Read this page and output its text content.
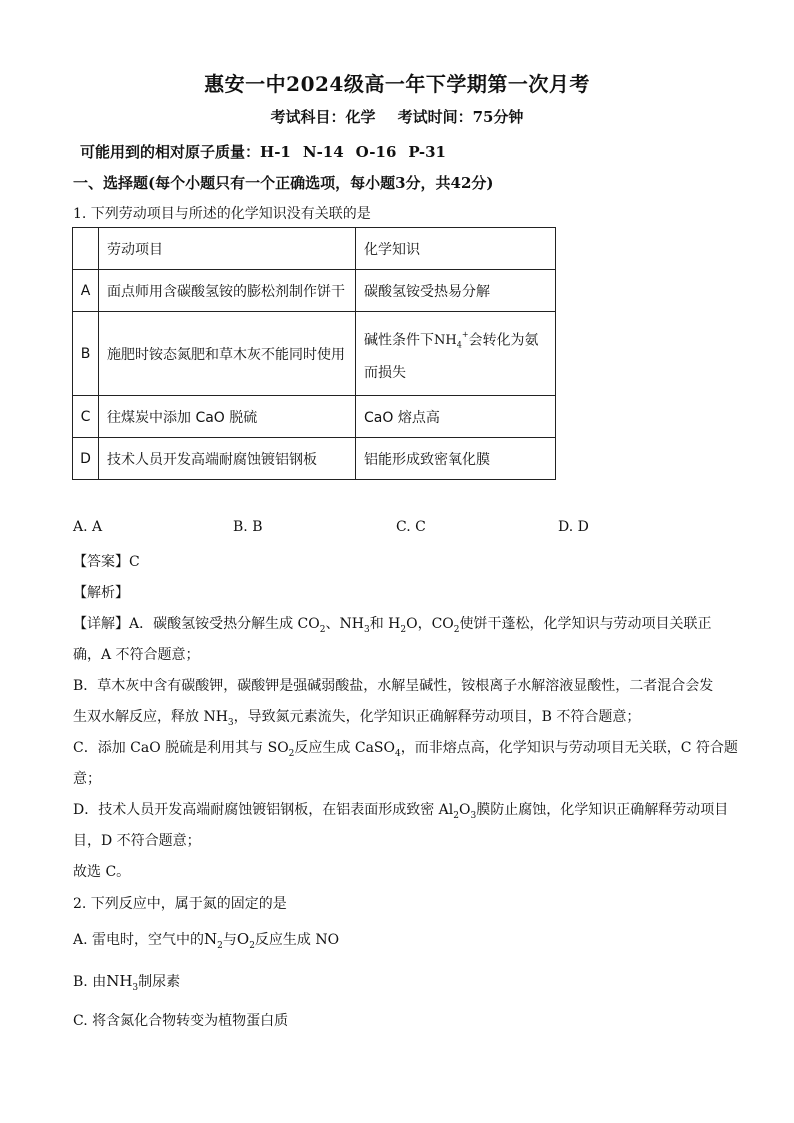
惠安一中2024级高一年下学期第一次月考
考试科目：化学 考试时间：75分钟
可能用到的相对原子质量：H-1 N-14 O-16 P-31
一、选择题(每个小题只有一个正确选项，每小题3分，共42分)
1. 下列劳动项目与所述的化学知识没有关联的是
	劳动项目	化学知识
A	面点师用含碳酸氢铵的膨松剂制作饼干	碳酸氢铵受热易分解
B	施肥时铵态氮肥和草木灰不能同时使用	碱性条件下$NH_4^+$会转化为氨
而损失

C	往煤炭中添加 CaO 脱硫	CaO 熔点高
D	技术人员开发高端耐腐蚀镀铝钢板	铝能形成致密氧化膜
A. A	B. B	C. C	D. D
【答案】C
【解析】
【详解】A．碳酸氢铵受热分解生成 $CO_2$、$NH_3$和 $H_2O$，$CO_2$使饼干蓬松，化学知识与劳动项目关联正
确，A 不符合题意；
B．草木灰中含有碳酸钾，碳酸钾是强碱弱酸盐，水解呈碱性，铵根离子水解溶液显酸性，二者混合会发
生双水解反应，释放 $NH_3$，导致氮元素流失，化学知识正确解释劳动项目，B 不符合题意；
C．添加 CaO 脱硫是利用其与 $SO_2$反应生成 CaSO$_4$，而非熔点高，化学知识与劳动项目无关联，C 符合题
意；
D．技术人员开发高端耐腐蚀镀铝钢板，在铝表面形成致密 $Al_2O_3$膜防止腐蚀，化学知识正确解释劳动项目
目，D 不符合题意；
故选 C。
2. 下列反应中，属于氮的固定的是
A. 雷电时，空气中的$N_2$与$O_2$反应生成 NO
B. 由$NH_3$制尿素
C. 将含氮化合物转变为植物蛋白质
